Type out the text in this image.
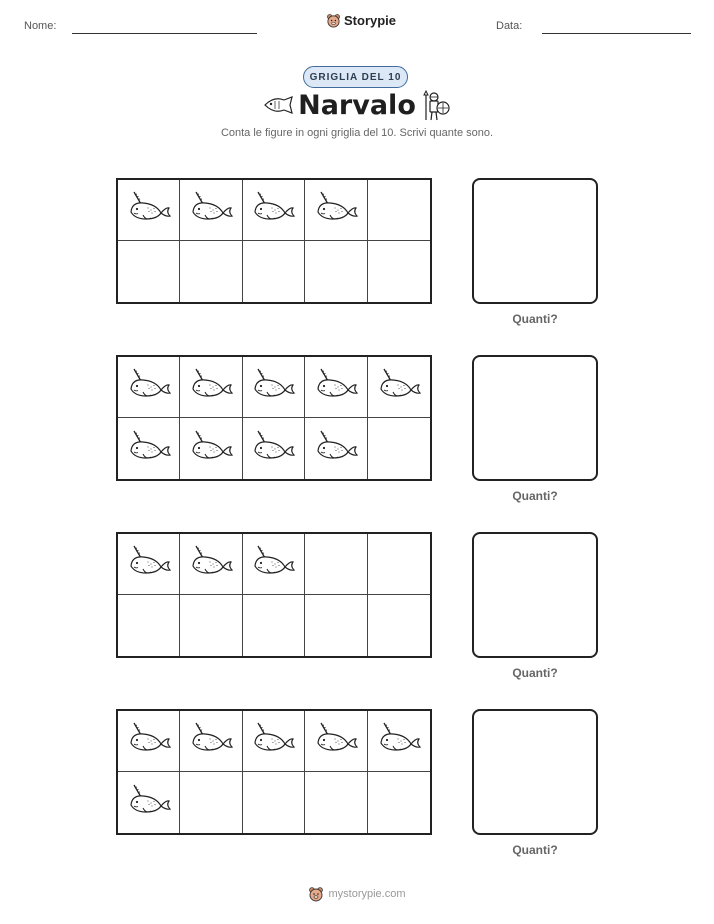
Nome:	Storypie	Data:
GRIGLIA DEL 10
Narvalo
Conta le figure in ogni griglia del 10. Scrivi quante sono.
Quanti?
Quanti?
Quanti?
Quanti?
mystorypie.com
